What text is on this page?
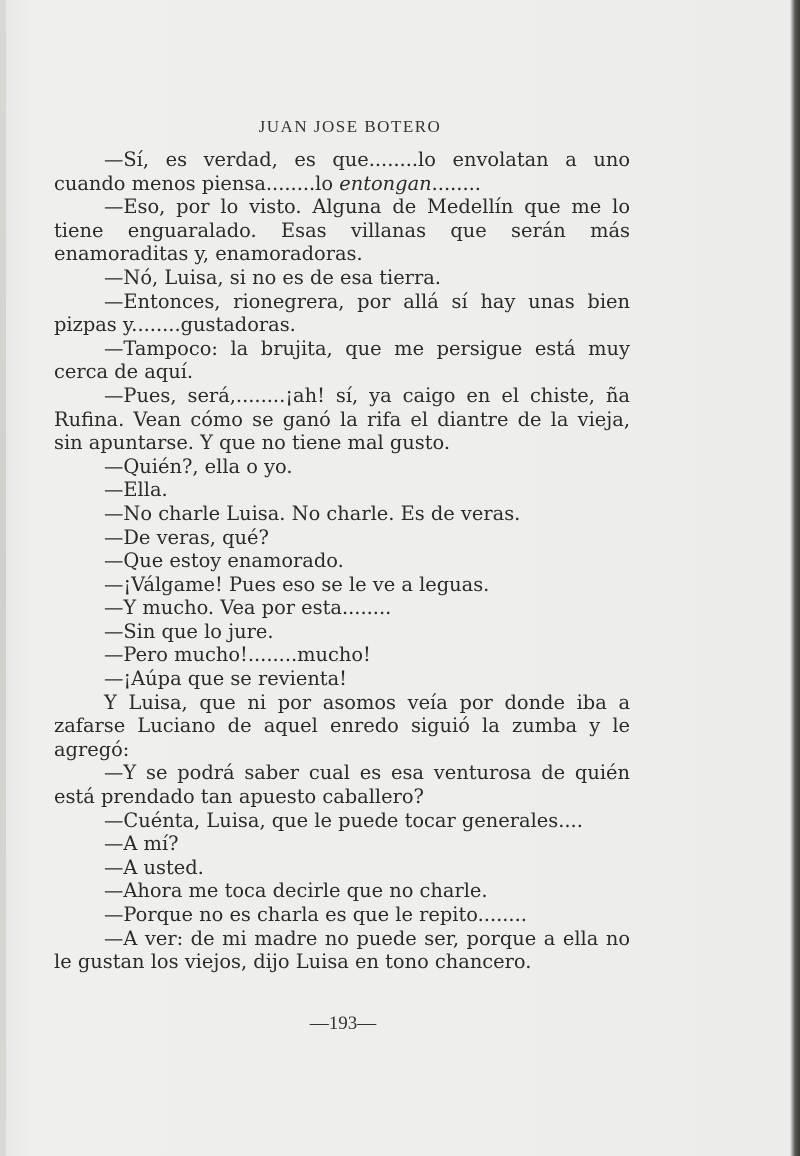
JUAN JOSE BOTERO

—Sí, es verdad, es que........lo envolatan a uno cuando menos piensa........lo entongan........

—Eso, por lo visto. Alguna de Medellín que me lo tiene enguaralado. Esas villanas que serán más enamoraditas y, enamoradoras.

—Nó, Luisa, si no es de esa tierra.

—Entonces, rionegrera, por allá sí hay unas bien pizpas y........gustadoras.

—Tampoco: la brujita, que me persigue está muy cerca de aquí.

—Pues, será,........¡ah! sí, ya caigo en el chiste, ña Rufina. Vean cómo se ganó la rifa el diantre de la vieja, sin apuntarse. Y que no tiene mal gusto.

—Quién?, ella o yo.

—Ella.

—No charle Luisa. No charle. Es de veras.

—De veras, qué?

—Que estoy enamorado.

—¡Válgame! Pues eso se le ve a leguas.

—Y mucho. Vea por esta........

—Sin que lo jure.

—Pero mucho!........mucho!

—¡Aúpa que se revienta!

Y Luisa, que ni por asomos veía por donde iba a zafarse Luciano de aquel enredo siguió la zumba y le agregó:

—Y se podrá saber cual es esa venturosa de quién está prendado tan apuesto caballero?

—Cuénta, Luisa, que le puede tocar generales....

—A mí?

—A usted.

—Ahora me toca decirle que no charle.

—Porque no es charla es que le repito........

—A ver: de mi madre no puede ser, porque a ella no le gustan los viejos, dijo Luisa en tono chancero.

—193—
